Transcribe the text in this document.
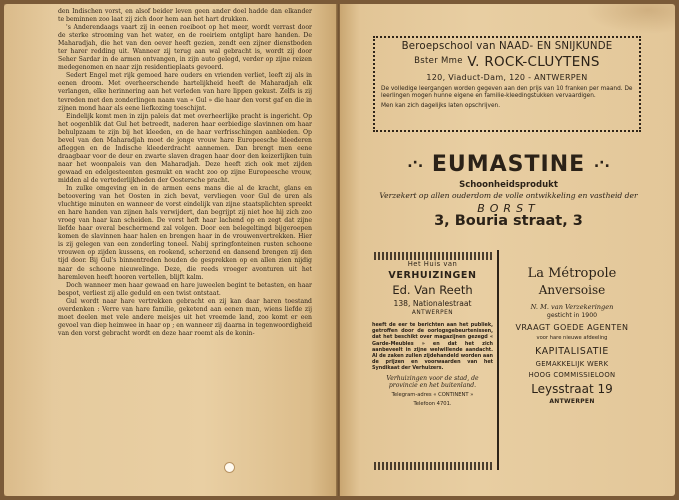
den Indischen vorst, en alsof beider leven geen ander doel hadde dan elkander te beminnen zoo laat zij zich door hem aan het hart drukken.

's Anderendaags vaart zij in eenen roeiboot op het meer, wordt verrast door de sterke strooming van het water, en de roeiriem ontglipt hare handen. De Maharadjah, die het van den oever heeft gezien, zendt een zijner dienstboden ter harer redding uit. Wanneer zij terug aan wal gebracht is, wordt zij door Seher Sardar in de armen ontvangen, in zijn auto gelegd, verder op zijne reizen medegenomen en naar zijn residentieplaats gevoerd.

Sedert Engel met rijk gemoed hare ouders en vrienden verliet, leeft zij als in eenen droom. Met overheerschende hartelijkheid heeft de Maharadjah elk verlangen, elke herinnering aan het verleden van hare lippen gekust. Zelfs is zij tevreden met den zonderlingen naam van « Gul » die haar den vorst gaf en die in zijnen mond haar als eene liefkozing toeschijnt.

Eindelijk komt men in zijn paleis dat met overheerlijke pracht is ingericht. Op het oogenblik dat Gul het betreedt, naderen haar eerbiedige slavinnen om haar behulpzaam te zijn bij het kleeden, en de haar verfrisschingen aanbieden. Op bevel van den Maharadjah moet de jonge vrouw hare Europeesche kleederen afleggen en de Indische kleederdracht aannemen. Dan brengt men eene draagbaar voor de deur en zwarte slaven dragen haar door den keizerlijken tuin naar het woonpaleis van den Maharadjah. Deze heeft zich ook met zijden gewaad en edelgesteenten gesmukt en wacht zoo op zijne Europeesche vrouw, midden al de vertederlijkheden der Oostersche pracht.

In zulke omgeving en in de armen eens mans die al de kracht, glans en betoovering van het Oosten in zich bevat, vervliegen voor Gul de uren als vluchtige minuten en wanneer de vorst eindelijk van zijne staatsplichten spreekt en hare handen van zijnen hals verwijdert, dan begrijpt zij niet hoe hij zich zoo vroeg van haar kan scheiden. De vorst heft haar lachend op en zegt dat zijne liefde haar overal beschermend zal volgen. Door een belegeltingd bijgeroepen komen de slavinnen haar halen en brengen haar in de vrouwenvertrekken. Hier is zij gelegen van een zonderling toneel. Nabij springfonteinen rusten schoone vrouwen op zijden kussens, en rookend, scherzend en dansend brengen zij den tijd door. Bij Gul's binnentreden houden de gesprekken op en allen zien nijdig naar de schoone nieuwelinge. Deze, die reeds vroeger avonturen uit het haremleven heeft hooren vertellen, blijft kalm.

Doch wanneer men haar gewaad en hare juweelen begint te betasten, en haar bespot, verliest zij alle geduld en een twist ontstaat.

Gul wordt naar hare vertrekken gebracht en zij kan daar haren toestand overdenken : Verre van hare familie, geketend aan eenen man, wiens liefde zij moet deelen met vele andere meisjes uit het vreemde land, zoo komt er een gevoel van diep heimwee in haar op ; en wanneer zij daarna in tegenwoordigheid van den vorst gebracht wordt en deze haar roemt als de konin-

Beroepschool van NAAD- EN SNIJKUNDE
$^{Bster Mme}$ V. ROCK-CLUYTENS
120, Viaduct-Dam, 120 - ANTWERPEN
De volledige leergangen worden gegeven aan den prijs van 10 franken per maand. De leerlingen mogen hunne eigene en familie-kleedingstukken vervaardigen.
Men kan zich dagelijks laten opschrijven.
.·. EUMASTINE .·.
Schoonheidsprodukt
Verzekert op allen ouderdom de volle ontwikkeling en vastheid der
BORST
3, Bouria straat, 3
Het Huis van
VERHUIZINGEN
Ed. Van Reeth
138, Nationalestraat
ANTWERPEN
heeft de eer te berichten aan het publiek, getroffen door de oorlogsgebeurtenissen, dat het beschikt over magazijnen gezegd « Garde-Meubles » en dat het zich aanbeveelt in zijne welwillende aandacht. Al de zaken zullen zijdehandeld worden aan de prijzen en voorwaarden van het Syndikaat der Verhuizers.
Verhuizingen voor de stad, de provincie en het buitenland.
Telegram-adres « CONTINENT »
Telefoon 4701.
La Métropole
Anversoise
N. M. van Verzekeringen
gesticht in 1900
VRAAGT GOEDE AGENTEN
voor hare nieuwe afdeeling
KAPITALISATIE
GEMAKKELIJK WERK
HOOG COMMISSIELOON
Leysstraat 19
ANTWERPEN
